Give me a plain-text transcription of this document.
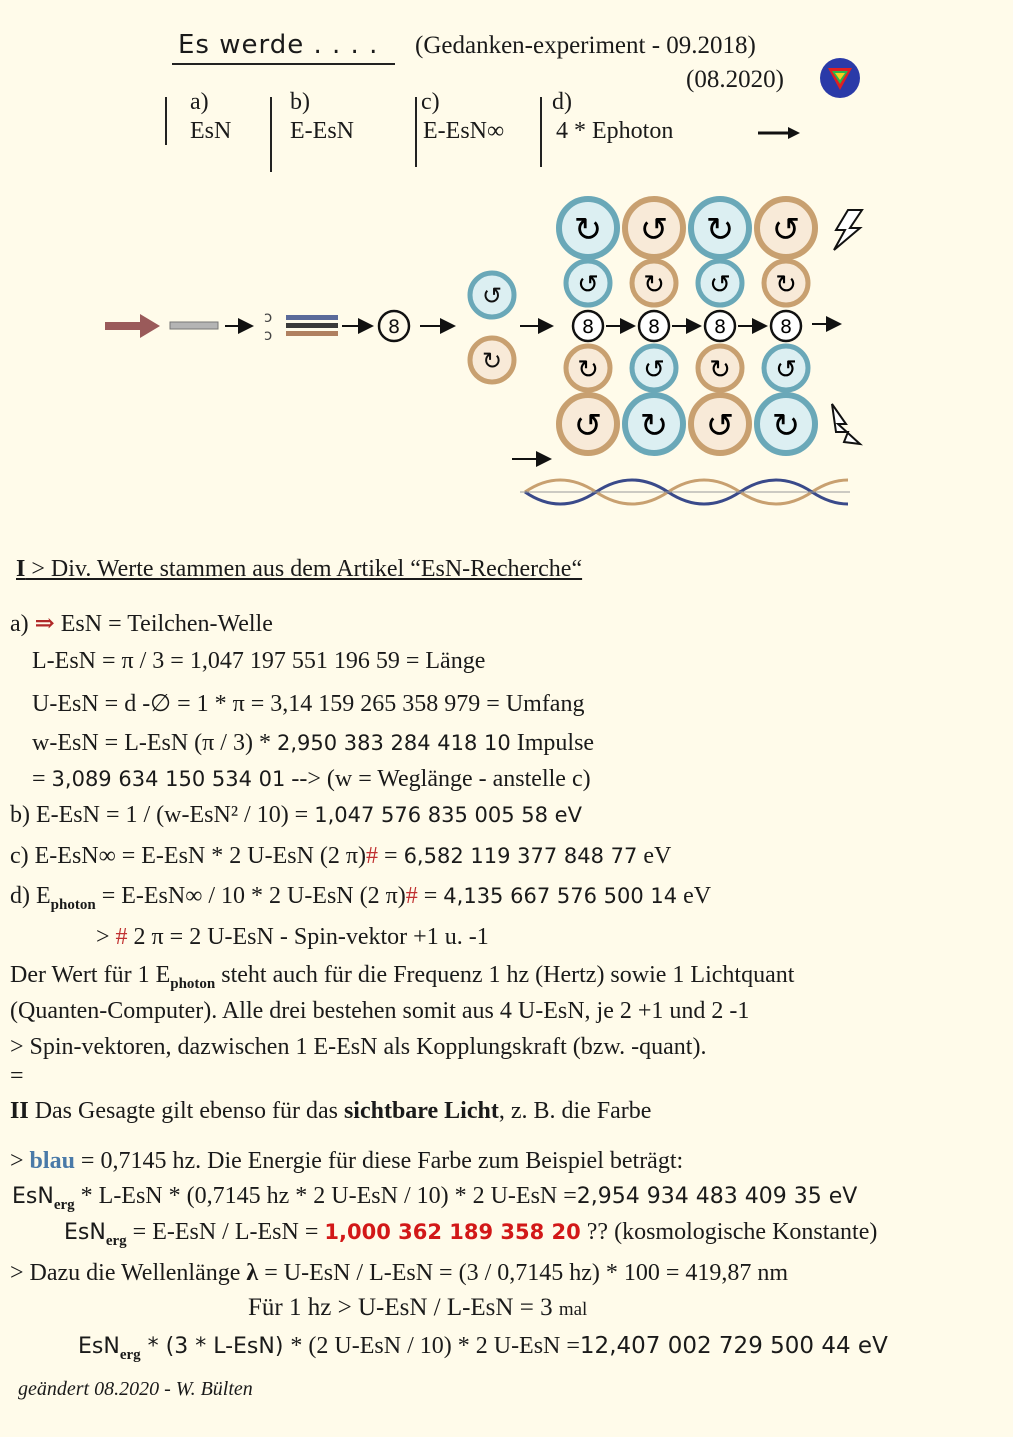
Es werde . . . . (Gedanken-experiment - 09.2018)
(08.2020)
a)
EsN
b)
E-EsN
c)
E-EsN∞
d)
4 * Ephoton
ↄ
ↄ	8
↺
↻
↻ ↺ ↻ ↺
↺ ↻ ↺ ↻
8	8	8	8
↻ ↺ ↻ ↺
↺ ↻ ↺ ↻
I > Div. Werte stammen aus dem Artikel “EsN-Recherche“
a) ⇒ EsN = Teilchen-Welle
L-EsN = π / 3 = 1,047 197 551 196 59 = Länge
U-EsN = d -∅ = 1 * π = 3,14 159 265 358 979 = Umfang
w-EsN = L-EsN (π / 3) * 2,950 383 284 418 10 Impulse
= 3,089 634 150 534 01 --> (w = Weglänge - anstelle c)
b) E-EsN = 1 / (w-EsN² / 10) = 1,047 576 835 005 58 eV
c) E-EsN∞ = E-EsN * 2 U-EsN (2 π)# = 6,582 119 377 848 77 eV
d) $E_{photon} = E-EsN\infty / 10 * 2$ U-EsN (2 π)# = 4,135 667 576 500 14 eV
> # 2 π = 2 U-EsN - Spin-vektor +1 u. -1
Der Wert für 1 $E_{photon}$ steht auch für die Frequenz 1 hz (Hertz) sowie 1 Lichtquant
(Quanten-Computer). Alle drei bestehen somit aus 4 U-EsN, je 2 +1 und 2 -1
> Spin-vektoren, dazwischen 1 E-EsN als Kopplungskraft (bzw. -quant).
=
II Das Gesagte gilt ebenso für das sichtbare Licht, z. B. die Farbe
> blau = 0,7145 hz. Die Energie für diese Farbe zum Beispiel beträgt:
EsN$_{erg}$ * L-EsN * (0,7145 hz * 2 U-EsN / 10) * 2 U-EsN =2,954 934 483 409 35 eV
EsN$_{erg}$ = E-EsN / L-EsN = 1,000 362 189 358 20 ?? (kosmologische Konstante)
> Dazu die Wellenlänge λ = U-EsN / L-EsN = (3 / 0,7145 hz) * 100 = 419,87 nm
Für 1 hz > U-EsN / L-EsN = 3 mal
EsN$_{erg}$ * (3 * L-EsN) * (2 U-EsN / 10) * 2 U-EsN =12,407 002 729 500 44 eV
geändert 08.2020 - W. Bülten
